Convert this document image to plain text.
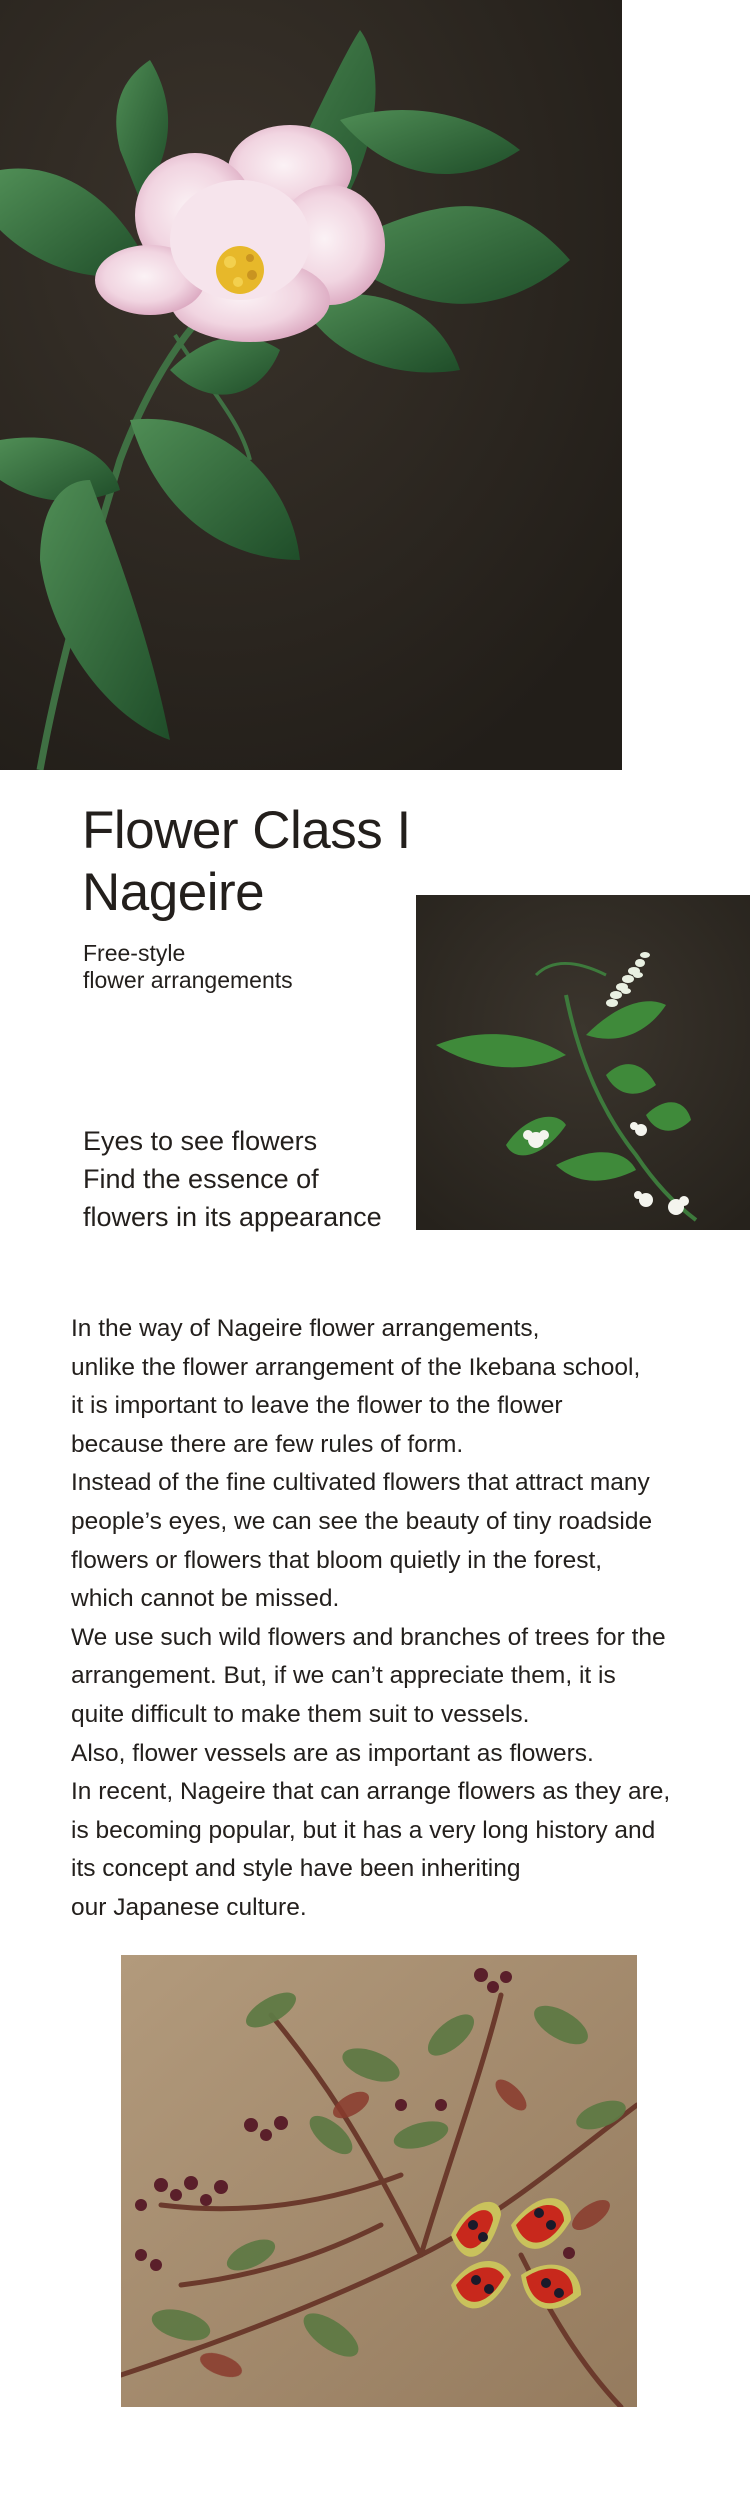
Flower Class I
Nageire

Free-style
flower arrangements

Eyes to see flowers
Find the essence of
flowers in its appearance

In the way of Nageire flower arrangements,
unlike the flower arrangement of the Ikebana school,
it is important to leave the flower to the flower
because there are few rules of form.
Instead of the fine cultivated flowers that attract many
people’s eyes, we can see the beauty of tiny roadside
flowers or flowers that bloom quietly in the forest,
which cannot be missed.
We use such wild flowers and branches of trees for the
arrangement. But, if we can’t appreciate them, it is
quite difficult to make them suit to vessels.
Also, flower vessels are as important as flowers.
In recent, Nageire that can arrange flowers as they are,
is becoming popular, but it has a very long history and
its concept and style have been inheriting
our Japanese culture.
